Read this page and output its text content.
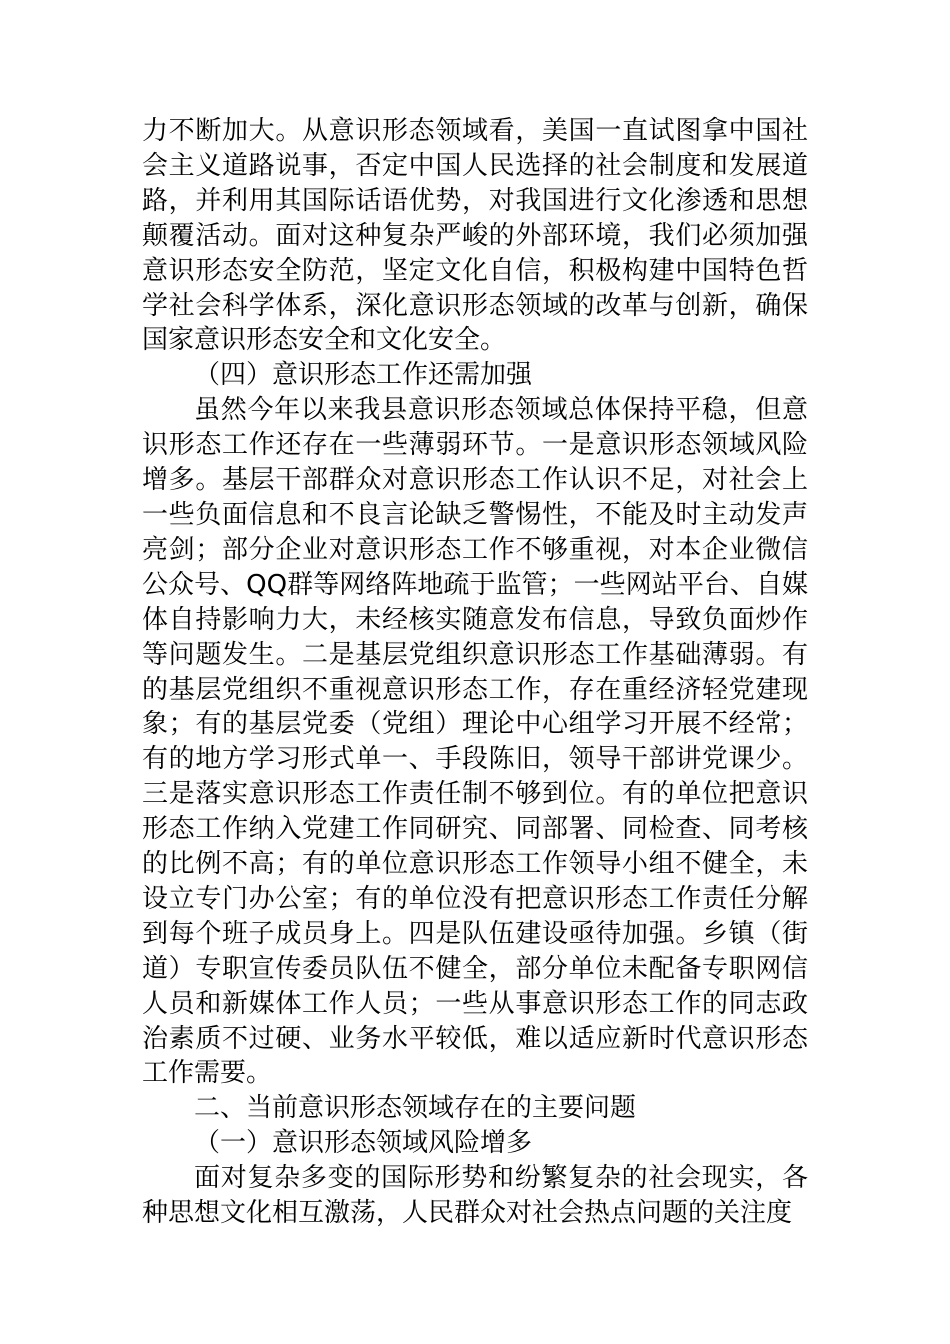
力不断加大。从意识形态领域看，美国一直试图拿中国社会主义道路说事，否定中国人民选择的社会制度和发展道路，并利用其国际话语优势，对我国进行文化渗透和思想颠覆活动。面对这种复杂严峻的外部环境，我们必须加强意识形态安全防范，坚定文化自信，积极构建中国特色哲学社会科学体系，深化意识形态领域的改革与创新，确保国家意识形态安全和文化安全。

（四）意识形态工作还需加强

虽然今年以来我县意识形态领域总体保持平稳，但意识形态工作还存在一些薄弱环节。一是意识形态领域风险增多。基层干部群众对意识形态工作认识不足，对社会上一些负面信息和不良言论缺乏警惕性，不能及时主动发声亮剑；部分企业对意识形态工作不够重视，对本企业微信公众号、QQ群等网络阵地疏于监管；一些网站平台、自媒体自持影响力大，未经核实随意发布信息，导致负面炒作等问题发生。二是基层党组织意识形态工作基础薄弱。有的基层党组织不重视意识形态工作，存在重经济轻党建现象；有的基层党委（党组）理论中心组学习开展不经常；有的地方学习形式单一、手段陈旧，领导干部讲党课少。三是落实意识形态工作责任制不够到位。有的单位把意识形态工作纳入党建工作同研究、同部署、同检查、同考核的比例不高；有的单位意识形态工作领导小组不健全，未设立专门办公室；有的单位没有把意识形态工作责任分解到每个班子成员身上。四是队伍建设亟待加强。乡镇（街道）专职宣传委员队伍不健全，部分单位未配备专职网信人员和新媒体工作人员；一些从事意识形态工作的同志政治素质不过硬、业务水平较低，难以适应新时代意识形态工作需要。

二、当前意识形态领域存在的主要问题

（一）意识形态领域风险增多

面对复杂多变的国际形势和纷繁复杂的社会现实，各种思想文化相互激荡，人民群众对社会热点问题的关注度
